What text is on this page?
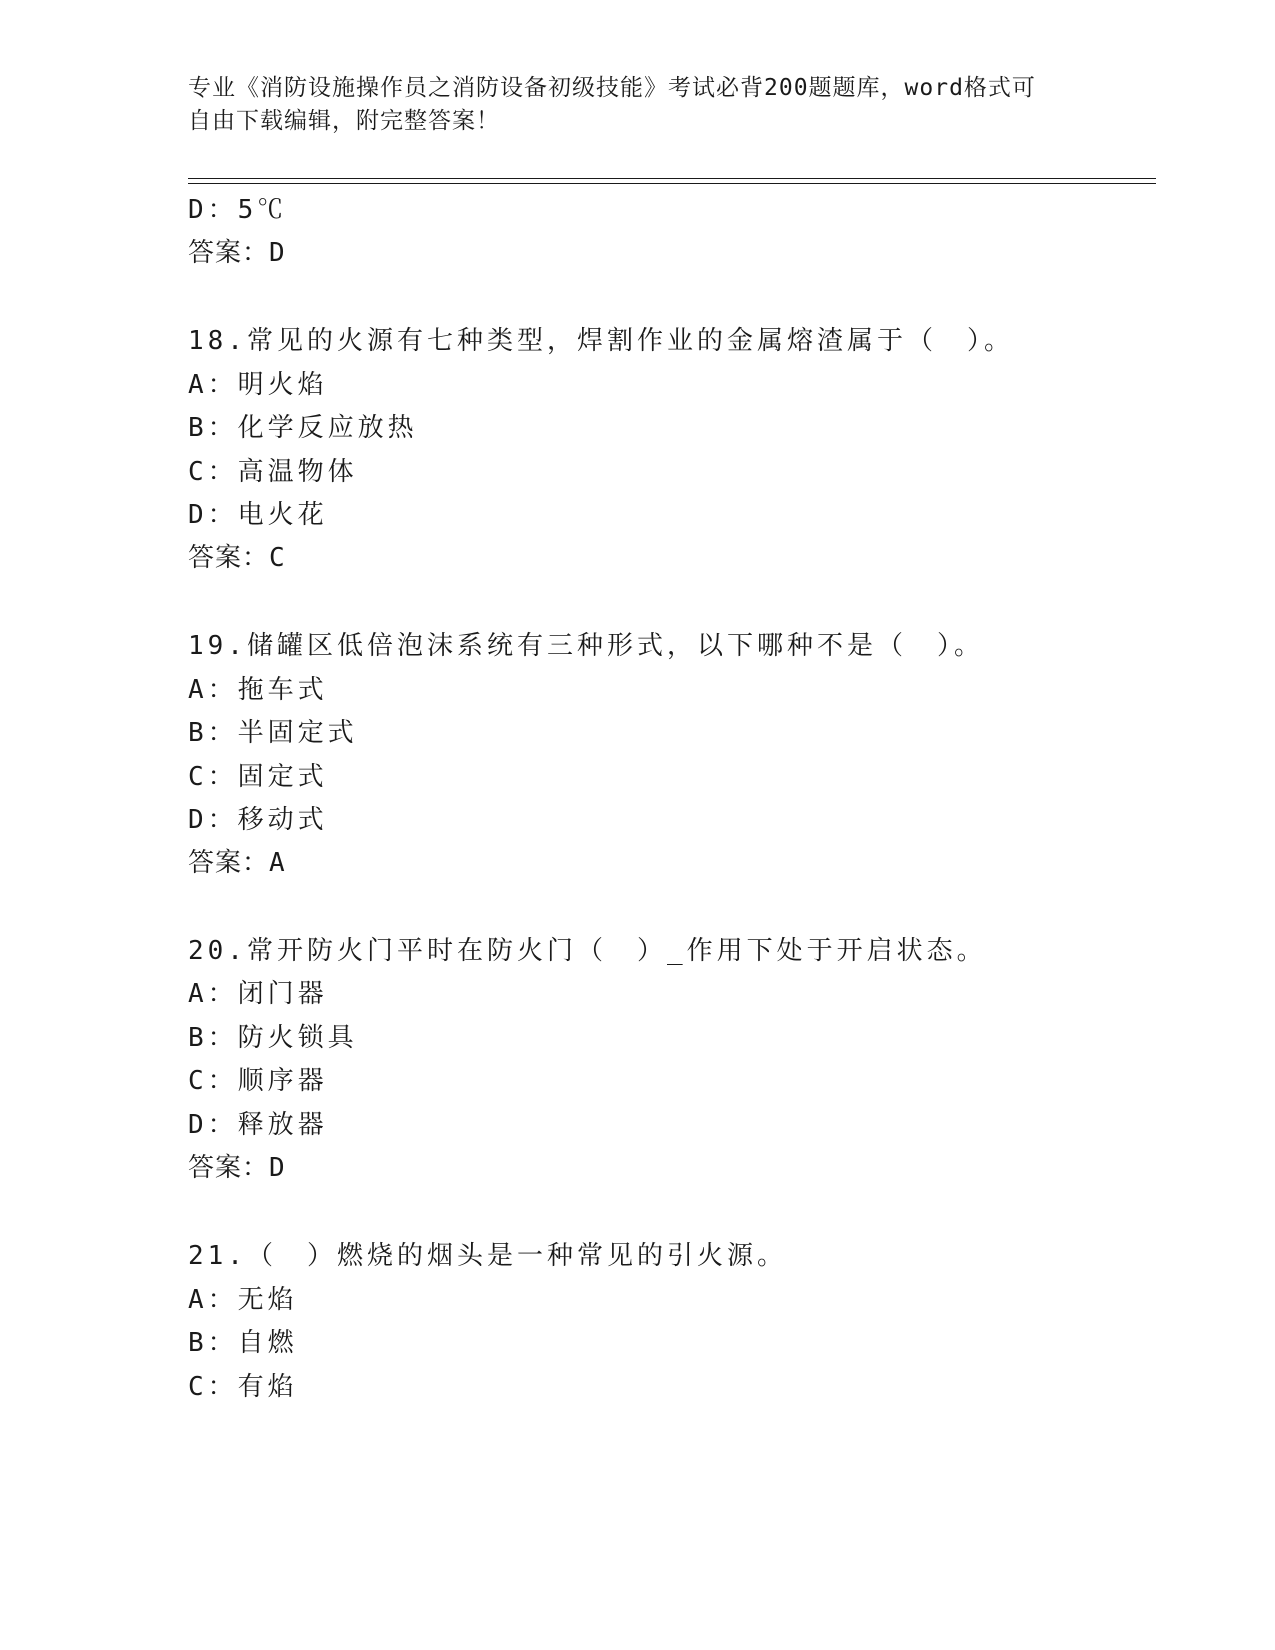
专业《消防设施操作员之消防设备初级技能》考试必背200题题库，word格式可
自由下载编辑，附完整答案！
D：5℃
答案：D
18.常见的火源有七种类型，焊割作业的金属熔渣属于（　）。
A：明火焰
B：化学反应放热
C：高温物体
D：电火花
答案：C
19.储罐区低倍泡沫系统有三种形式，以下哪种不是（　）。
A：拖车式
B：半固定式
C：固定式
D：移动式
答案：A
20.常开防火门平时在防火门（　）_作用下处于开启状态。
A：闭门器
B：防火锁具
C：顺序器
D：释放器
答案：D
21.（　）燃烧的烟头是一种常见的引火源。
A：无焰
B：自燃
C：有焰
